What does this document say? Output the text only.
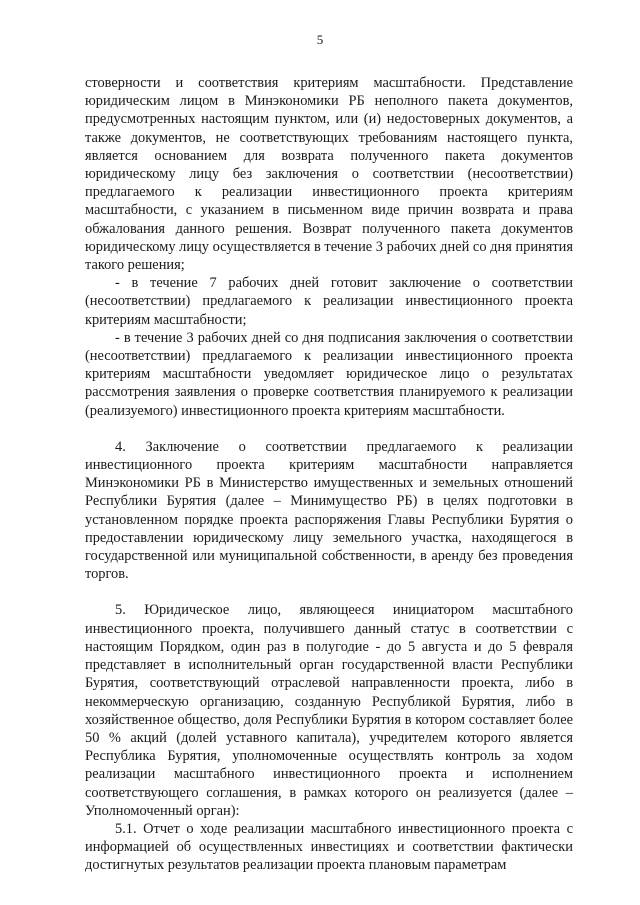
5

стоверности и соответствия критериям масштабности. Представление юридическим лицом в Минэкономики РБ неполного пакета документов, предусмотренных настоящим пунктом, или (и) недостоверных документов, а также документов, не соответствующих требованиям настоящего пункта, является основанием для возврата полученного пакета документов юридическому лицу без заключения о соответствии (несоответствии) предлагаемого к реализации инвестиционного проекта критериям масштабности, с указанием в письменном виде причин возврата и права обжалования данного решения. Возврат полученного пакета документов юридическому лицу осуществляется в течение 3 рабочих дней со дня принятия такого решения;

- в течение 7 рабочих дней готовит заключение о соответствии (несоответствии) предлагаемого к реализации инвестиционного проекта критериям масштабности;

- в течение 3 рабочих дней со дня подписания заключения о соответствии (несоответствии) предлагаемого к реализации инвестиционного проекта критериям масштабности уведомляет юридическое лицо о результатах рассмотрения заявления о проверке соответствия планируемого к реализации (реализуемого) инвестиционного проекта критериям масштабности.

4. Заключение о соответствии предлагаемого к реализации инвестиционного проекта критериям масштабности направляется Минэкономики РБ в Министерство имущественных и земельных отношений Республики Бурятия (далее – Минимущество РБ) в целях подготовки в установленном порядке проекта распоряжения Главы Республики Бурятия о предоставлении юридическому лицу земельного участка, находящегося в государственной или муниципальной собственности, в аренду без проведения торгов.

5. Юридическое лицо, являющееся инициатором масштабного инвестиционного проекта, получившего данный статус в соответствии с настоящим Порядком, один раз в полугодие - до 5 августа и до 5 февраля представляет в исполнительный орган государственной власти Республики Бурятия, соответствующий отраслевой направленности проекта, либо в некоммерческую организацию, созданную Республикой Бурятия, либо в хозяйственное общество, доля Республики Бурятия в котором составляет более 50 % акций (долей уставного капитала), учредителем которого является Республика Бурятия, уполномоченные осуществлять контроль за ходом реализации масштабного инвестиционного проекта и исполнением соответствующего соглашения, в рамках которого он реализуется (далее – Уполномоченный орган):

5.1. Отчет о ходе реализации масштабного инвестиционного проекта с информацией об осуществленных инвестициях и соответствии фактически достигнутых результатов реализации проекта плановым параметрам
